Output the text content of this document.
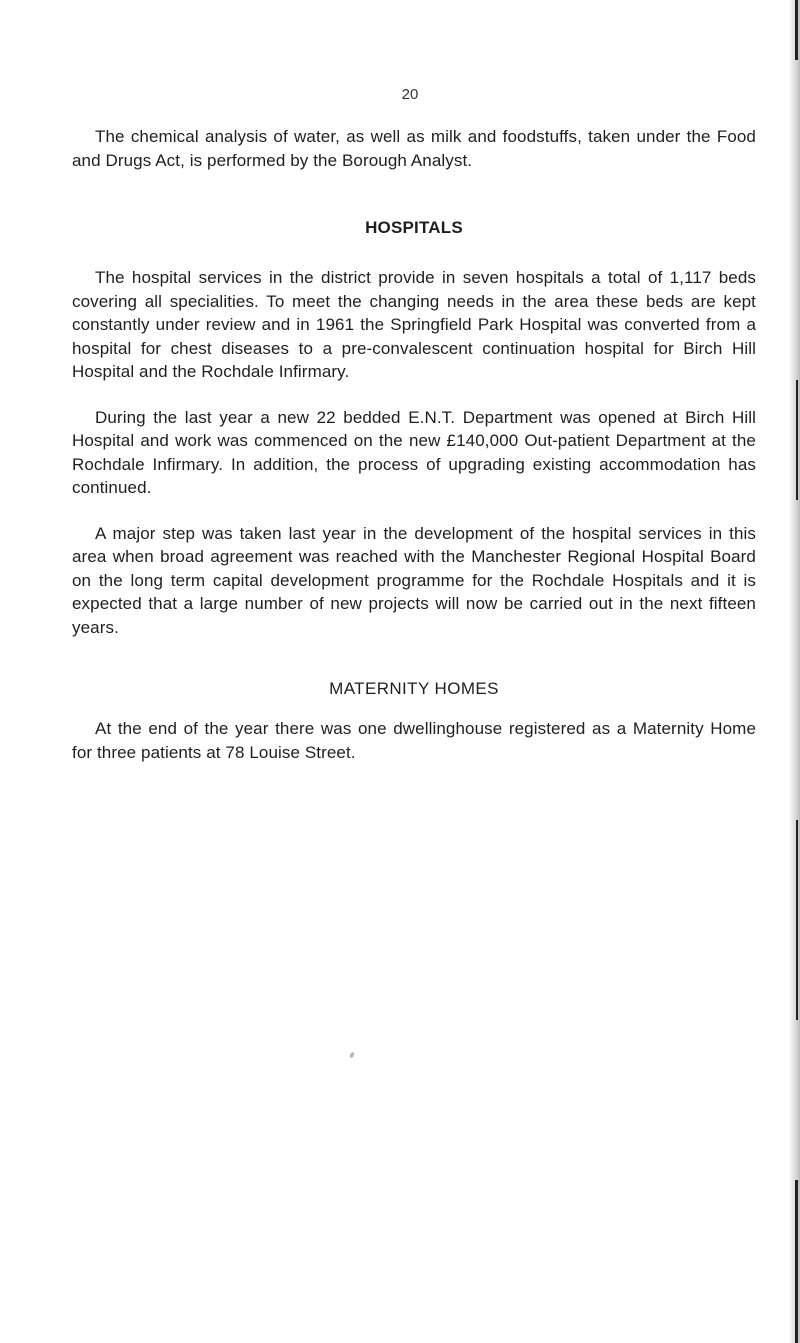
20

The chemical analysis of water, as well as milk and foodstuffs, taken under the Food and Drugs Act, is performed by the Borough Analyst.

HOSPITALS

The hospital services in the district provide in seven hospitals a total of 1,117 beds covering all specialities. To meet the changing needs in the area these beds are kept constantly under review and in 1961 the Springfield Park Hospital was converted from a hospital for chest diseases to a pre-convalescent continuation hospital for Birch Hill Hospital and the Rochdale Infirmary.

During the last year a new 22 bedded E.N.T. Department was opened at Birch Hill Hospital and work was commenced on the new £140,000 Out-patient Department at the Rochdale Infirmary. In addition, the process of upgrading existing accommodation has continued.

A major step was taken last year in the development of the hospital services in this area when broad agreement was reached with the Manchester Regional Hospital Board on the long term capital development programme for the Rochdale Hospitals and it is expected that a large number of new projects will now be carried out in the next fifteen years.

MATERNITY HOMES

At the end of the year there was one dwellinghouse registered as a Maternity Home for three patients at 78 Louise Street.
